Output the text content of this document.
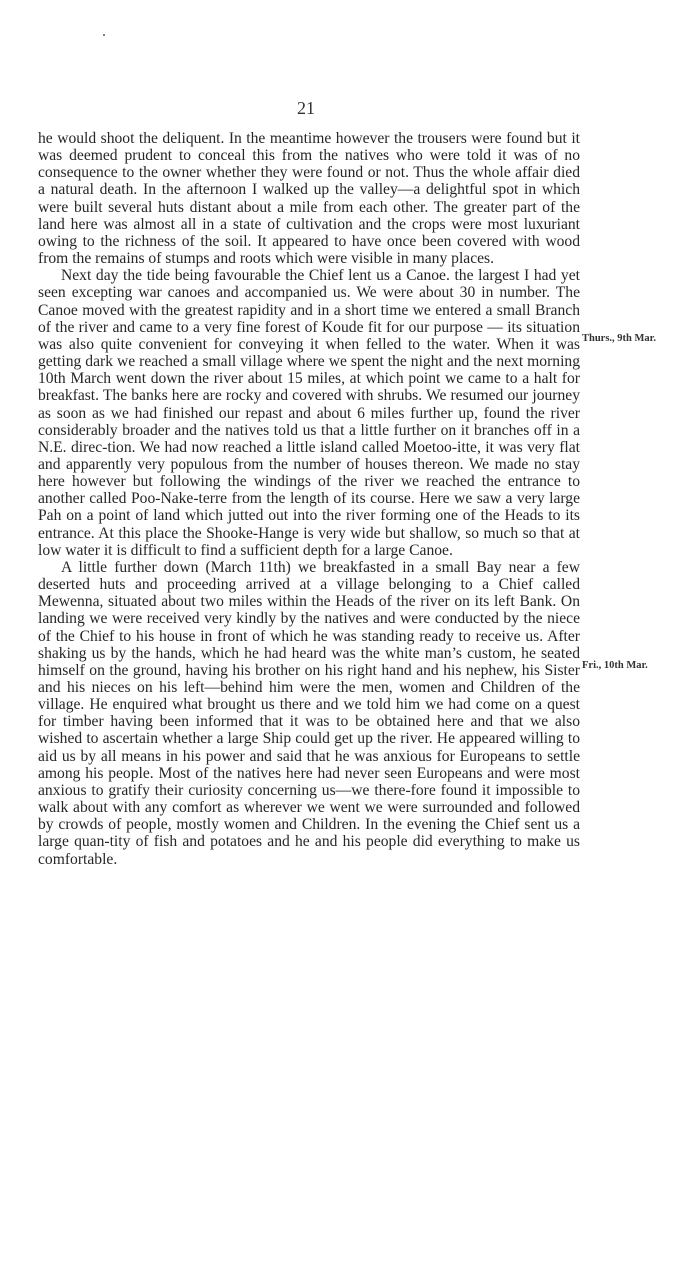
21

he would shoot the deliquent. In the meantime however the trousers were found but it was deemed prudent to conceal this from the natives who were told it was of no consequence to the owner whether they were found or not. Thus the whole affair died a natural death. In the afternoon I walked up the valley—a delightful spot in which were built several huts distant about a mile from each other. The greater part of the land here was almost all in a state of cultivation and the crops were most luxuriant owing to the richness of the soil. It appeared to have once been covered with wood from the remains of stumps and roots which were visible in many places.

Next day the tide being favourable the Chief lent us a Canoe. the largest I had yet seen excepting war canoes and accompanied us. We were about 30 in number. The Canoe moved with the greatest rapidity and in a short time we entered a small Branch of the river and came to a very fine forest of Koude fit for our purpose — its situation was also quite convenient for conveying it when felled to the water. When it was getting dark we reached a small village where we spent the night and the next morning 10th March went down the river about 15 miles, at which point we came to a halt for breakfast. The banks here are rocky and covered with shrubs. We resumed our journey as soon as we had finished our repast and about 6 miles further up, found the river considerably broader and the natives told us that a little further on it branches off in a N.E. direc-tion. We had now reached a little island called Moetoo-itte, it was very flat and apparently very populous from the number of houses thereon. We made no stay here however but following the windings of the river we reached the entrance to another called Poo-Nake-terre from the length of its course. Here we saw a very large Pah on a point of land which jutted out into the river forming one of the Heads to its entrance. At this place the Shooke-Hange is very wide but shallow, so much so that at low water it is difficult to find a sufficient depth for a large Canoe.

A little further down (March 11th) we breakfasted in a small Bay near a few deserted huts and proceeding arrived at a village belonging to a Chief called Mewenna, situated about two miles within the Heads of the river on its left Bank. On landing we were received very kindly by the natives and were conducted by the niece of the Chief to his house in front of which he was standing ready to receive us. After shaking us by the hands, which he had heard was the white man’s custom, he seated himself on the ground, having his brother on his right hand and his nephew, his Sister and his nieces on his left—behind him were the men, women and Children of the village. He enquired what brought us there and we told him we had come on a quest for timber having been informed that it was to be obtained here and that we also wished to ascertain whether a large Ship could get up the river. He appeared willing to aid us by all means in his power and said that he was anxious for Europeans to settle among his people. Most of the natives here had never seen Europeans and were most anxious to gratify their curiosity concerning us—we there-fore found it impossible to walk about with any comfort as wherever we went we were surrounded and followed by crowds of people, mostly women and Children. In the evening the Chief sent us a large quan-tity of fish and potatoes and he and his people did everything to make us comfortable.

Thurs., 9th Mar.
Fri., 10th Mar.
